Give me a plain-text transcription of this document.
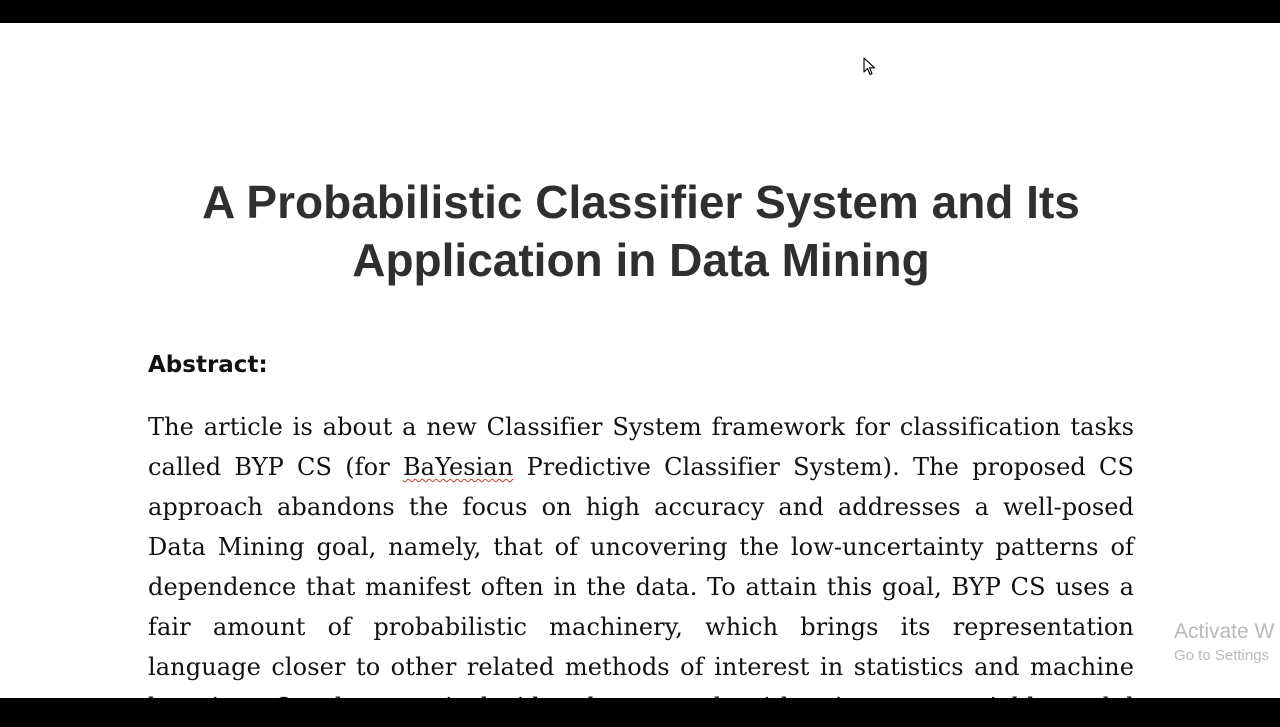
A Probabilistic Classifier System and Its
Application in Data Mining
Abstract:
The article is about a new Classifier System framework for classification tasks
called BYP CS (for BaYesian Predictive Classifier System). The proposed CS
approach abandons the focus on high accuracy and addresses a well-posed
Data Mining goal, namely, that of uncovering the low-uncertainty patterns of
dependence that manifest often in the data. To attain this goal, BYP CS uses a
fair amount of probabilistic machinery, which brings its representation
language closer to other related methods of interest in statistics and machine
Activate W
Go to Settings
